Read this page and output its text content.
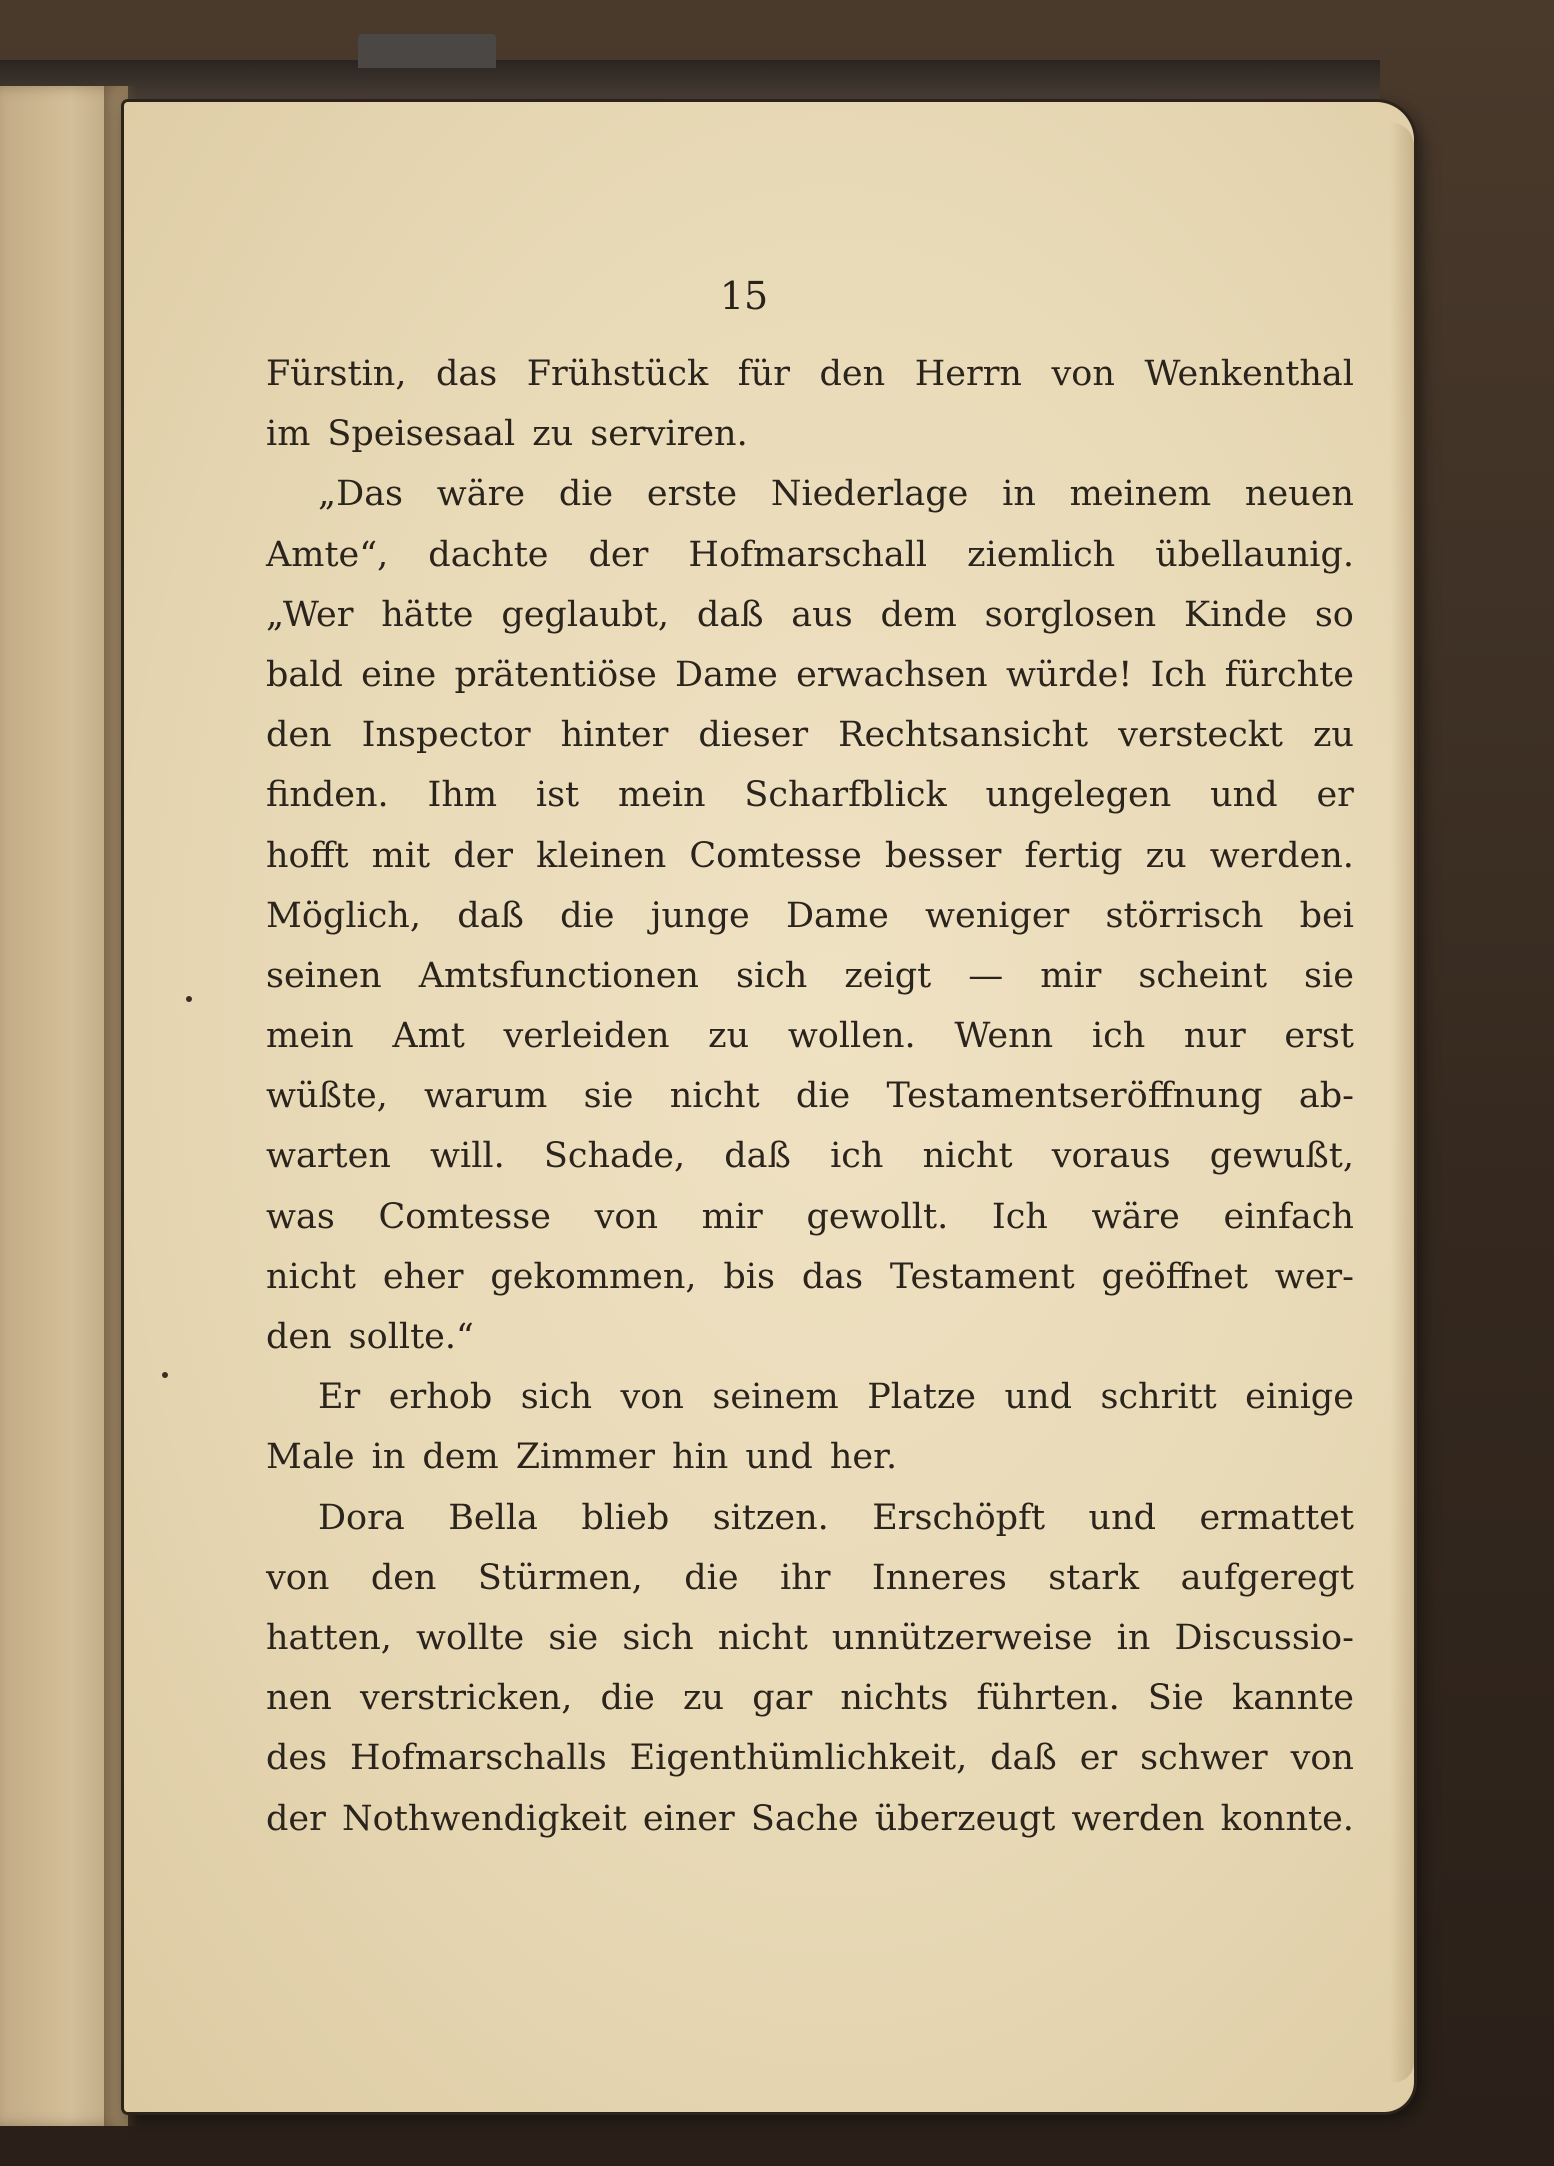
15

Fürstin, das Frühstück für den Herrn von Wenkenthal
im Speisesaal zu serviren.
„Das wäre die erste Niederlage in meinem neuen
Amte“, dachte der Hofmarschall ziemlich übellaunig.
„Wer hätte geglaubt, daß aus dem sorglosen Kinde so
bald eine prätentiöse Dame erwachsen würde! Ich fürchte
den Inspector hinter dieser Rechtsansicht versteckt zu
finden. Ihm ist mein Scharfblick ungelegen und er
hofft mit der kleinen Comtesse besser fertig zu werden.
Möglich, daß die junge Dame weniger störrisch bei
seinen Amtsfunctionen sich zeigt — mir scheint sie
mein Amt verleiden zu wollen. Wenn ich nur erst
wüßte, warum sie nicht die Testamentseröffnung ab-
warten will. Schade, daß ich nicht voraus gewußt,
was Comtesse von mir gewollt. Ich wäre einfach
nicht eher gekommen, bis das Testament geöffnet wer-
den sollte.“
Er erhob sich von seinem Platze und schritt einige
Male in dem Zimmer hin und her.
Dora Bella blieb sitzen. Erschöpft und ermattet
von den Stürmen, die ihr Inneres stark aufgeregt
hatten, wollte sie sich nicht unnützerweise in Discussio-
nen verstricken, die zu gar nichts führten. Sie kannte
des Hofmarschalls Eigenthümlichkeit, daß er schwer von
der Nothwendigkeit einer Sache überzeugt werden konnte.
